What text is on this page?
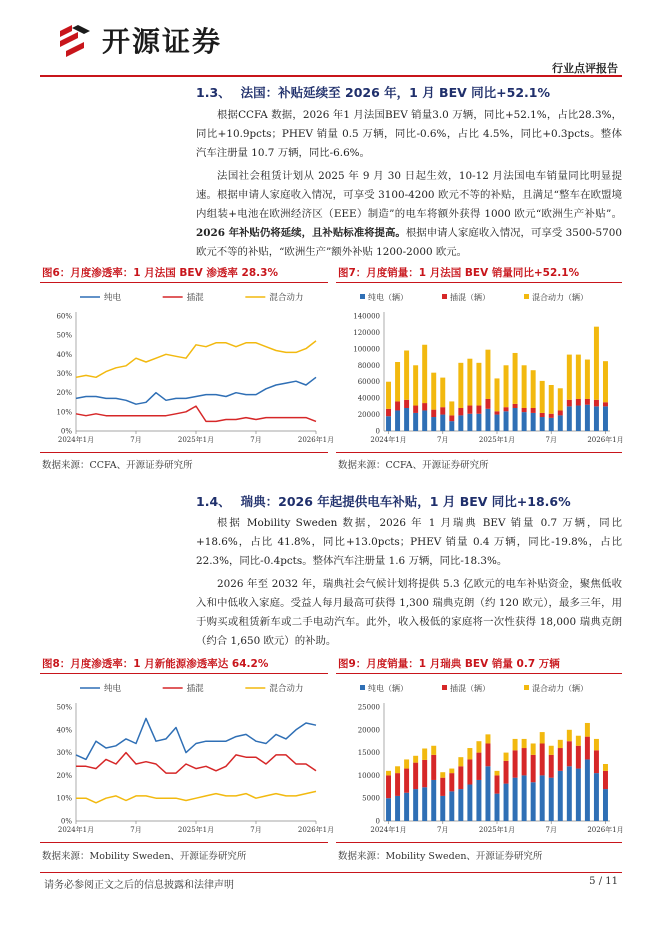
开源证券
行业点评报告
1.3、 法国：补贴延续至 2026 年，1 月 BEV 同比+52.1%
根据CCFA 数据，2026 年1 月法国BEV 销量3.0 万辆，同比+52.1%，占比28.3%，同比+10.9pcts；PHEV 销量 0.5 万辆，同比-0.6%，占比 4.5%，同比+0.3pcts。整体汽车注册量 10.7 万辆，同比-6.6%。
法国社会租赁计划从 2025 年 9 月 30 日起生效，10-12 月法国电车销量同比明显提速。根据申请人家庭收入情况，可享受 3100-4200 欧元不等的补贴，且满足“整车在欧盟境内组装+电池在欧洲经济区（EEE）制造”的电车将额外获得 1000 欧元“欧洲生产补贴”。2026 年补贴仍将延续，且补贴标准将提高。根据申请人家庭收入情况，可享受 3500-5700 欧元不等的补贴，“欧洲生产”额外补贴 1200-2000 欧元。
图6：月度渗透率：1 月法国 BEV 渗透率 28.3%
纯电	插混	混合动力
0%
10%
20%
30%
40%
50%
60%
2024年1月	7月	2025年1月	7月	2026年1月
数据来源：CCFA、开源证券研究所
图7：月度销量：1 月法国 BEV 销量同比+52.1%
纯电（辆）	插混（辆）	混合动力（辆）
0
20000
40000
60000
80000
100000
120000
140000
2024年1月	7月	2025年1月	7月	2026年1月
数据来源：CCFA、开源证券研究所
1.4、 瑞典：2026 年起提供电车补贴，1 月 BEV 同比+18.6%
根据 Mobility Sweden 数据，2026 年 1 月瑞典 BEV 销量 0.7 万辆，同比+18.6%，占比 41.8%，同比+13.0pcts；PHEV 销量 0.4 万辆，同比-19.8%，占比 22.3%，同比-0.4pcts。整体汽车注册量 1.6 万辆，同比-18.3%。
2026 年至 2032 年，瑞典社会气候计划将提供 5.3 亿欧元的电车补贴资金，聚焦低收入和中低收入家庭。受益人每月最高可获得 1,300 瑞典克朗（约 120 欧元），最多三年，用于购买或租赁新车或二手电动汽车。此外，收入极低的家庭将一次性获得 18,000 瑞典克朗（约合 1,650 欧元）的补助。
图8：月度渗透率：1 月新能源渗透率达 64.2%
纯电	插混	混合动力
0%
10%
20%
30%
40%
50%
2024年1月	7月	2025年1月	7月	2026年1月
数据来源：Mobility Sweden、开源证券研究所
图9：月度销量：1 月瑞典 BEV 销量 0.7 万辆
纯电（辆）	插混（辆）	混合动力（辆）
0
5000
10000
15000
20000
25000
2024年1月	7月	2025年1月	7月	2026年1月
数据来源：Mobility Sweden、开源证券研究所
请务必参阅正文之后的信息披露和法律声明	5 / 11
